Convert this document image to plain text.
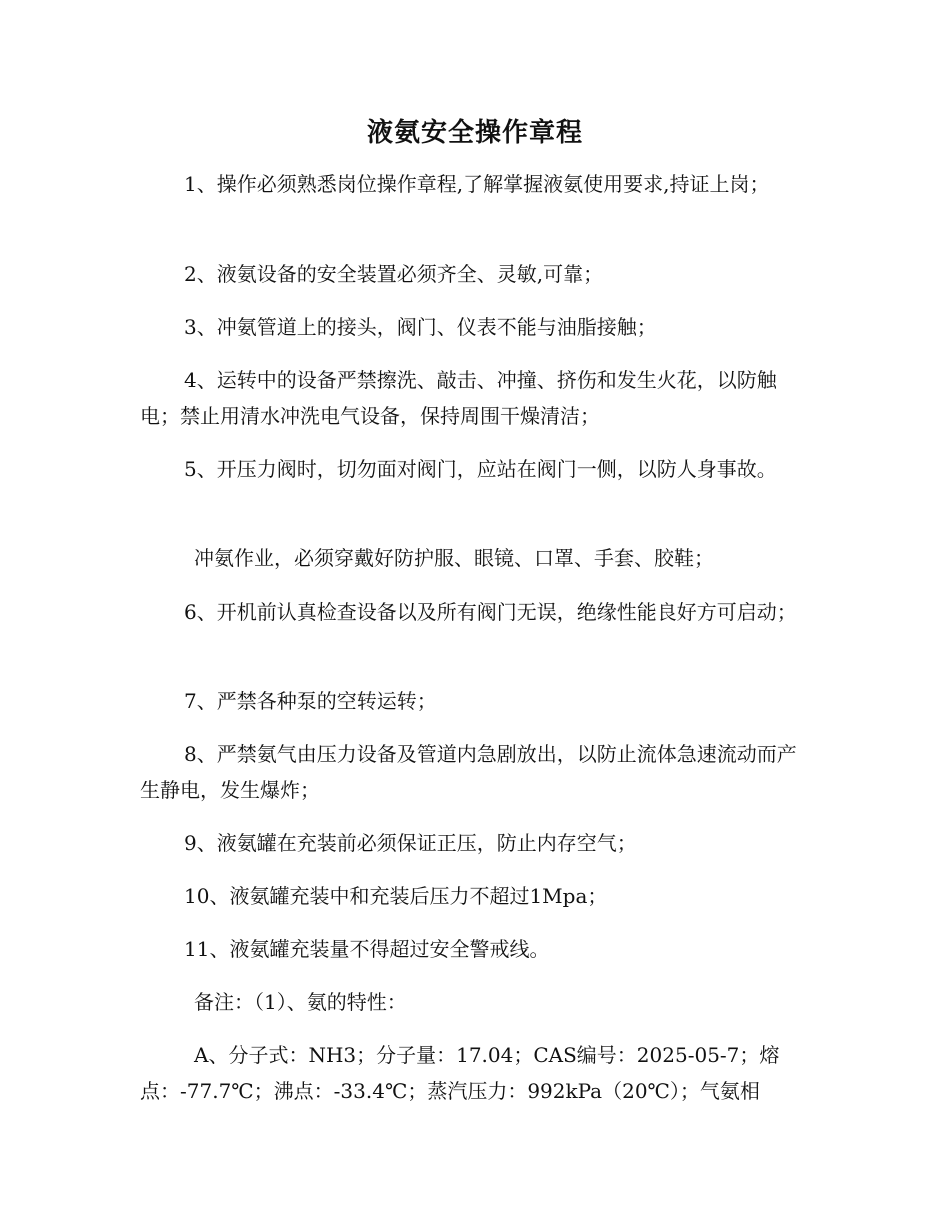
液氨安全操作章程
1、操作必须熟悉岗位操作章程,了解掌握液氨使用要求,持证上岗；
2、液氨设备的安全装置必须齐全、灵敏,可靠；
3、冲氨管道上的接头，阀门、仪表不能与油脂接触；
4、运转中的设备严禁擦洗、敲击、冲撞、挤伤和发生火花，以防触电；禁止用清水冲洗电气设备，保持周围干燥清洁；
5、开压力阀时，切勿面对阀门，应站在阀门一侧，以防人身事故。
冲氨作业，必须穿戴好防护服、眼镜、口罩、手套、胶鞋；
6、开机前认真检查设备以及所有阀门无误，绝缘性能良好方可启动；
7、严禁各种泵的空转运转；
8、严禁氨气由压力设备及管道内急剧放出，以防止流体急速流动而产生静电，发生爆炸；
9、液氨罐在充装前必须保证正压，防止内存空气；
10、液氨罐充装中和充装后压力不超过1Mpa；
11、液氨罐充装量不得超过安全警戒线。
备注：（1）、氨的特性：
A、分子式：NH3；分子量：17.04；CAS编号：2025-05-7；熔点：-77.7℃；沸点：-33.4℃；蒸汽压力：992kPa（20℃）；气氨相
